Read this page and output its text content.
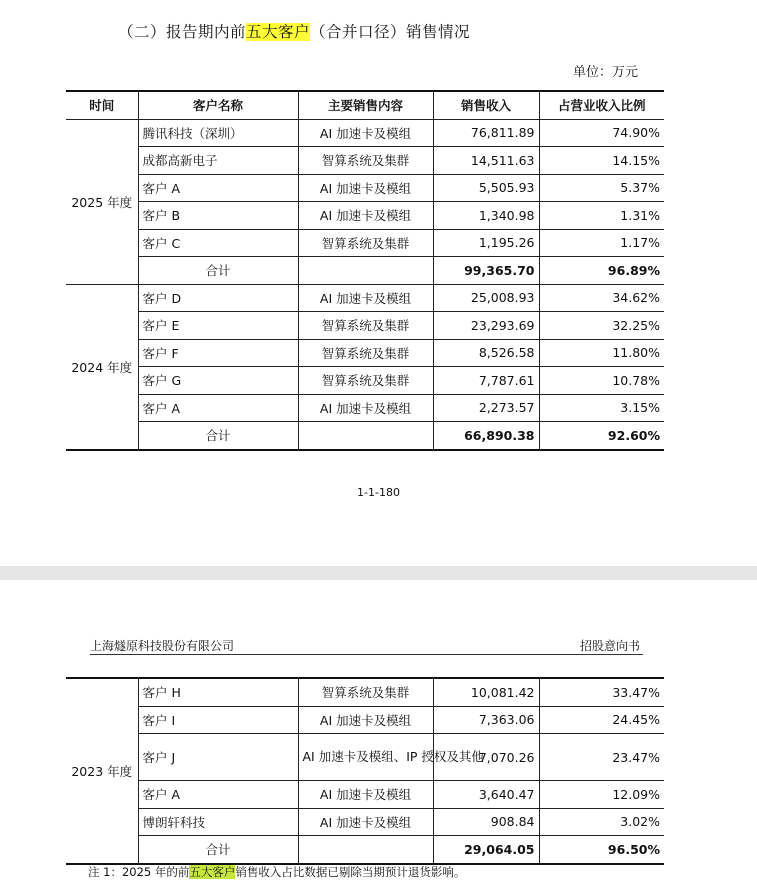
（二）报告期内前五大客户（合并口径）销售情况
单位：万元
时间	客户名称	主要销售内容	销售收入	占营业收入比例
2025 年度	腾讯科技（深圳）	AI 加速卡及模组	76,811.89	74.90%
	成都高新电子	智算系统及集群	14,511.63	14.15%
	客户 A	AI 加速卡及模组	5,505.93	5.37%
	客户 B	AI 加速卡及模组	1,340.98	1.31%
	客户 C	智算系统及集群	1,195.26	1.17%
	合计		99,365.70	96.89%
2024 年度	客户 D	AI 加速卡及模组	25,008.93	34.62%
	客户 E	智算系统及集群	23,293.69	32.25%
	客户 F	智算系统及集群	8,526.58	11.80%
	客户 G	智算系统及集群	7,787.61	10.78%
	客户 A	AI 加速卡及模组	2,273.57	3.15%
	合计		66,890.38	92.60%
1-1-180
上海燧原科技股份有限公司	招股意向书
2023 年度	客户 H	智算系统及集群	10,081.42	33.47%
	客户 I	AI 加速卡及模组	7,363.06	24.45%
	客户 J	AI 加速卡及模组、IP 授权及其他	7,070.26	23.47%
	客户 A	AI 加速卡及模组	3,640.47	12.09%
	博朗轩科技	AI 加速卡及模组	908.84	3.02%
	合计		29,064.05	96.50%
注 1：2025 年的前五大客户销售收入占比数据已剔除当期预计退货影响。
